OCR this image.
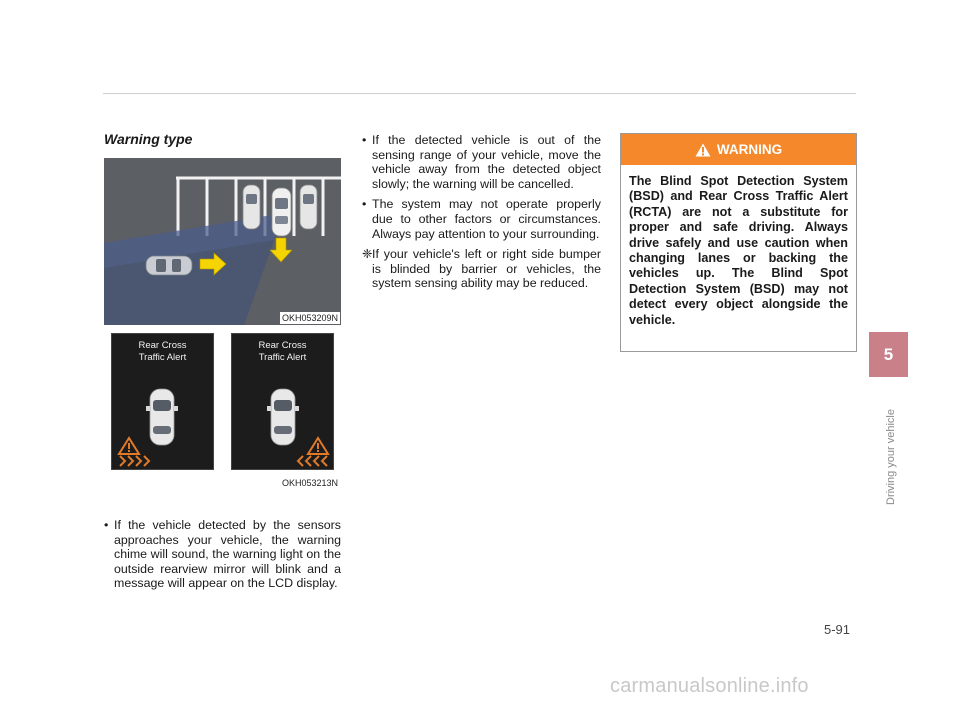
Warning type
OKH053209N
Rear Cross
Traffic Alert
Rear Cross
Traffic Alert
OKH053213N
• If the vehicle detected by the sensors approaches your vehicle, the warning chime will sound, the warning light on the outside rearview mirror will blink and a message will appear on the LCD display.
• If the detected vehicle is out of the sensing range of your vehicle, move the vehicle away from the detected object slowly; the warning will be cancelled.
• The system may not operate properly due to other factors or circumstances. Always pay attention to your surrounding.
❈ If your vehicle's left or right side bumper is blinded by barrier or vehicles, the system sensing ability may be reduced.
WARNING
The Blind Spot Detection System (BSD) and Rear Cross Traffic Alert (RCTA) are not a substitute for proper and safe driving. Always drive safely and use caution when changing lanes or backing the vehicles up. The Blind Spot Detection System (BSD) may not detect every object alongside the vehicle.
5
Driving your vehicle
5-91
carmanualsonline.info
